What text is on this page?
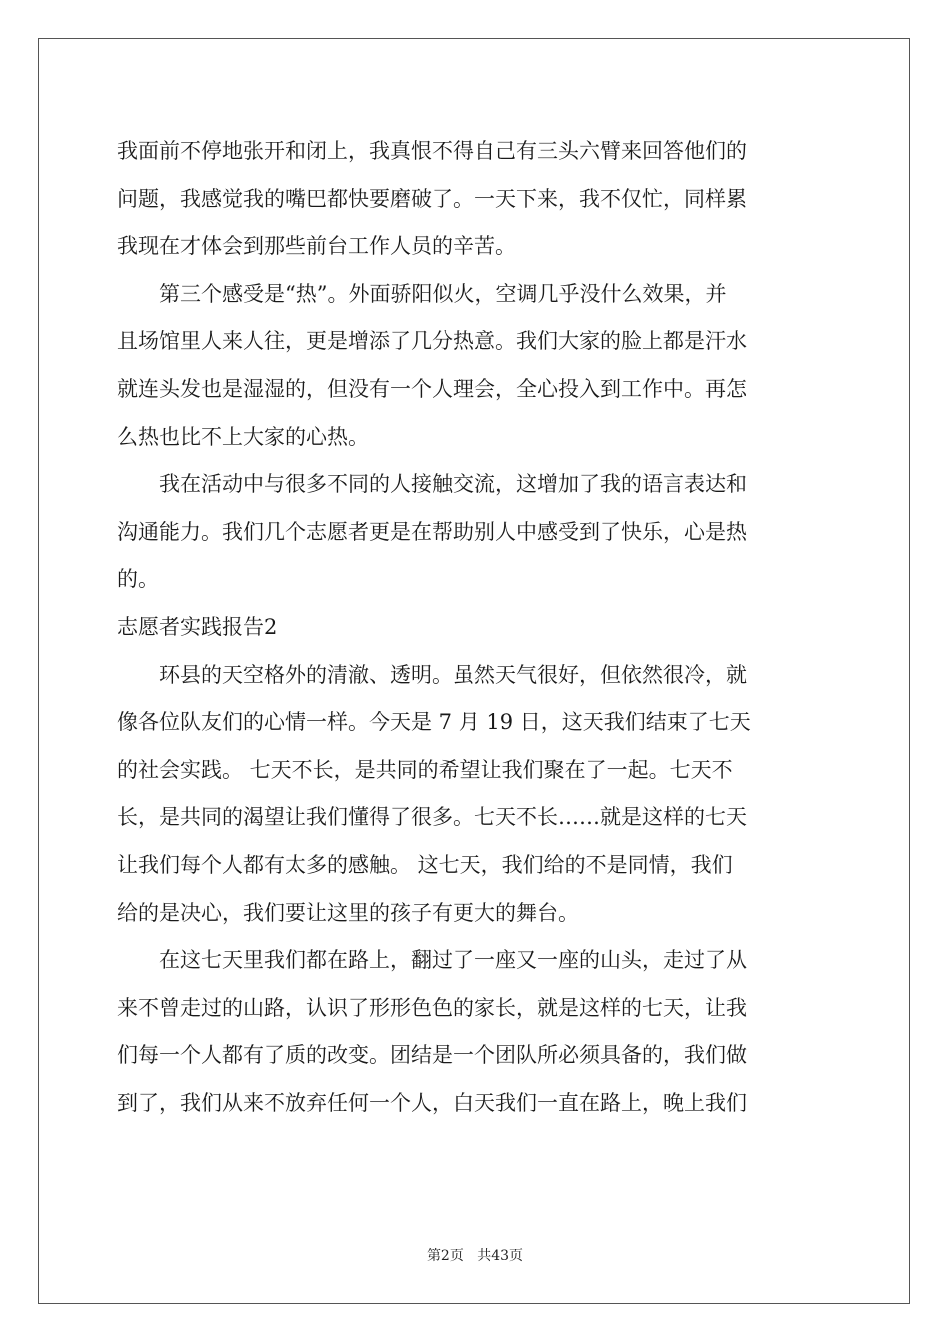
我面前不停地张开和闭上，我真恨不得自己有三头六臂来回答他们的
问题，我感觉我的嘴巴都快要磨破了。一天下来，我不仅忙，同样累
我现在才体会到那些前台工作人员的辛苦。
　　第三个感受是“热”。外面骄阳似火，空调几乎没什么效果，并
且场馆里人来人往，更是增添了几分热意。我们大家的脸上都是汗水
就连头发也是湿湿的，但没有一个人理会，全心投入到工作中。再怎
么热也比不上大家的心热。
　　我在活动中与很多不同的人接触交流，这增加了我的语言表达和
沟通能力。我们几个志愿者更是在帮助别人中感受到了快乐，心是热
的。
志愿者实践报告2
　　环县的天空格外的清澈、透明。虽然天气很好，但依然很冷，就
像各位队友们的心情一样。今天是 7 月 19 日，这天我们结束了七天
的社会实践。 七天不长，是共同的希望让我们聚在了一起。七天不
长，是共同的渴望让我们懂得了很多。七天不长……就是这样的七天
让我们每个人都有太多的感触。 这七天，我们给的不是同情，我们
给的是决心，我们要让这里的孩子有更大的舞台。
　　在这七天里我们都在路上，翻过了一座又一座的山头，走过了从
来不曾走过的山路，认识了形形色色的家长，就是这样的七天，让我
们每一个人都有了质的改变。团结是一个团队所必须具备的，我们做
到了，我们从来不放弃任何一个人，白天我们一直在路上，晚上我们
第2页 共43页
